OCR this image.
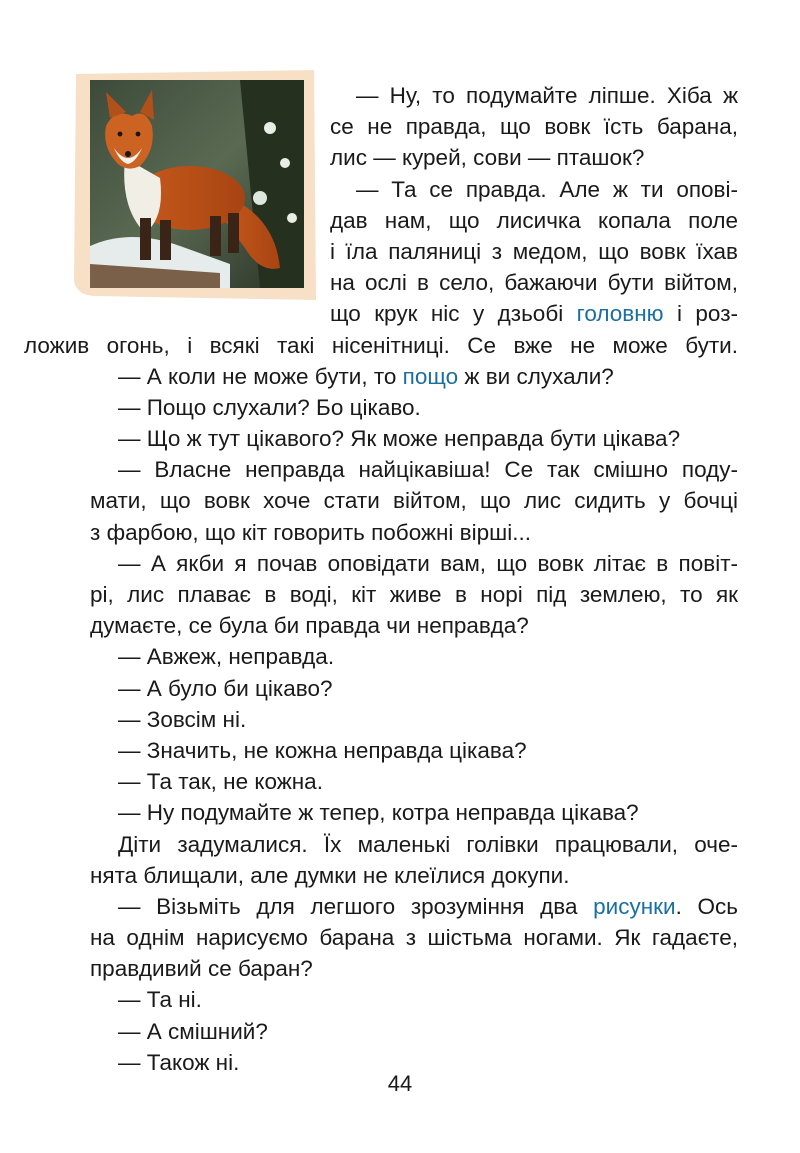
— Ну, то подумайте ліпше. Хіба ж
се не правда, що вовк їсть барана,
лис — курей, сови — пташок?
— Та се правда. Але ж ти опові-
дав нам, що лисичка копала поле
і їла паляниці з медом, що вовк їхав
на ослі в село, бажаючи бути війтом,
що крук ніс у дзьобі головню і роз-
ложив огонь, і всякі такі нісенітниці. Се вже не може бути.
— А коли не може бути, то пощо ж ви слухали?
— Пощо слухали? Бо цікаво.
— Що ж тут цікавого? Як може неправда бути цікава?
— Власне неправда найцікавіша! Се так смішно поду-
мати, що вовк хоче стати війтом, що лис сидить у бочці
з фарбою, що кіт говорить побожні вірші...
— А якби я почав оповідати вам, що вовк літає в повіт-
рі, лис плаває в воді, кіт живе в норі під землею, то як
думаєте, се була би правда чи неправда?
— Авжеж, неправда.
— А було би цікаво?
— Зовсім ні.
— Значить, не кожна неправда цікава?
— Та так, не кожна.
— Ну подумайте ж тепер, котра неправда цікава?
Діти задумалися. Їх маленькі голівки працювали, оче-
нята блищали, але думки не клеїлися докупи.
— Візьміть для легшого зрозуміння два рисунки. Ось
на однім нарисуємо барана з шістьма ногами. Як гадаєте,
правдивий се баран?
— Та ні.
— А смішний?
— Також ні.
44
